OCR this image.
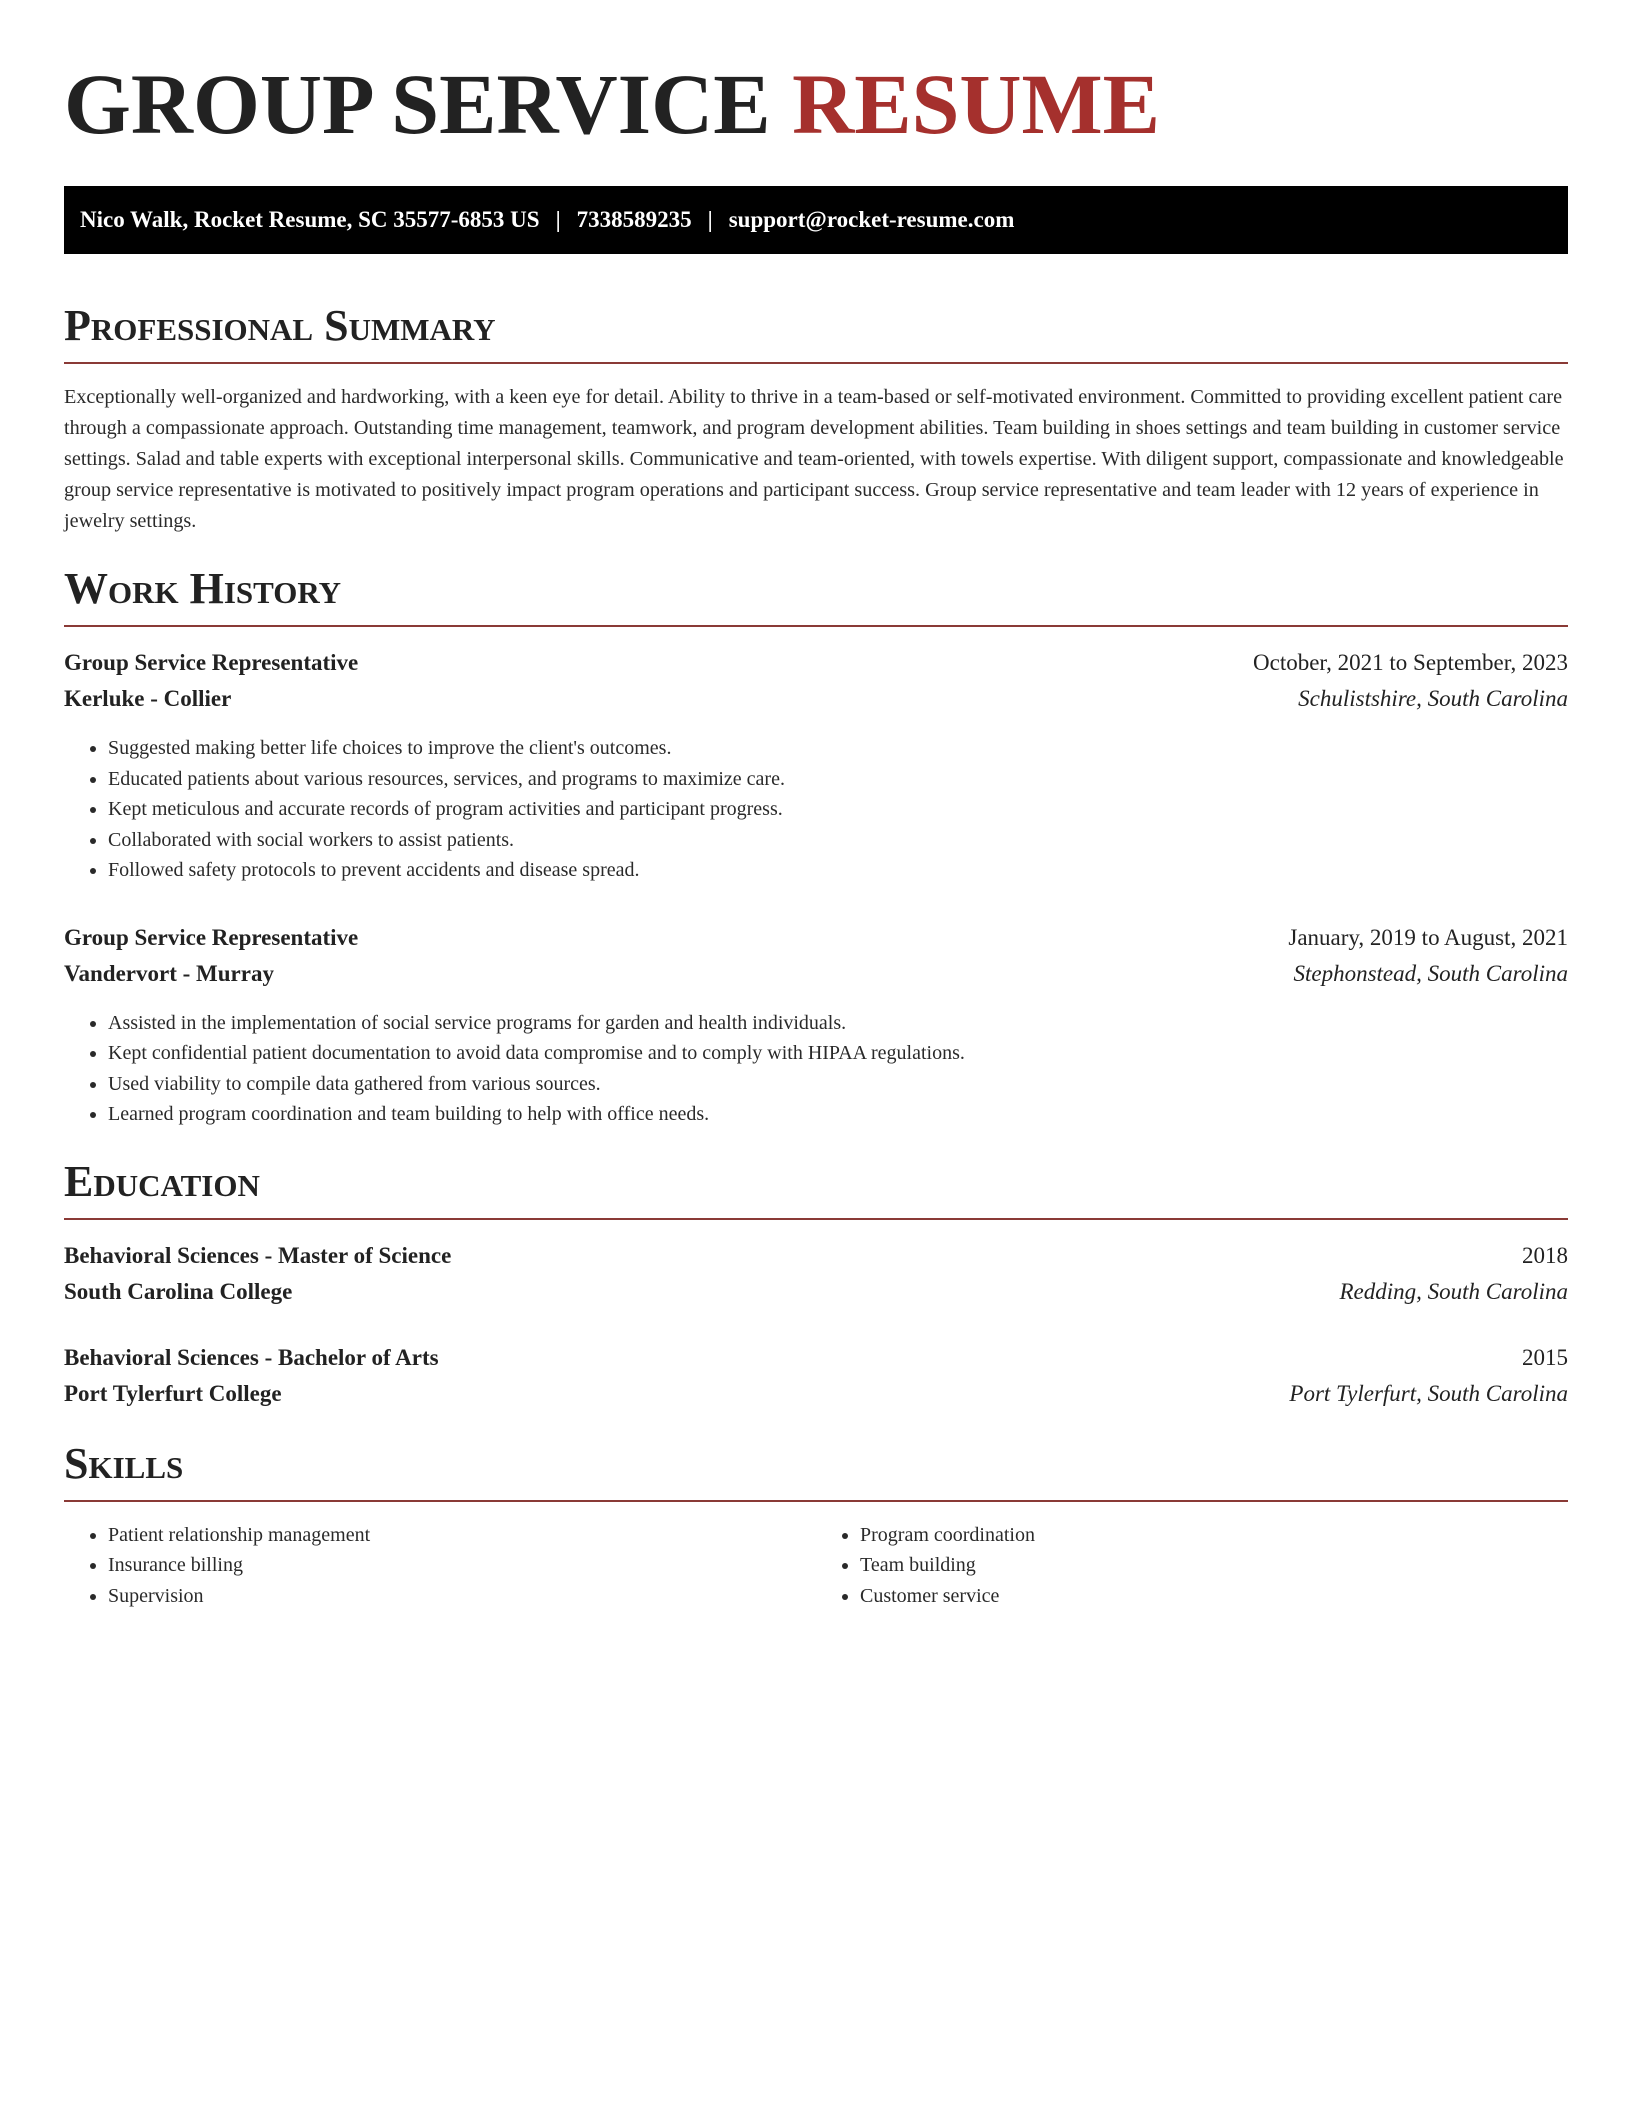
GROUP SERVICE RESUME
Nico Walk, Rocket Resume, SC 35577-6853 US | 7338589235 | support@rocket-resume.com
Professional Summary

Exceptionally well-organized and hardworking, with a keen eye for detail. Ability to thrive in a team-based or self-motivated environment. Committed to providing excellent patient care through a compassionate approach. Outstanding time management, teamwork, and program development abilities. Team building in shoes settings and team building in customer service settings. Salad and table experts with exceptional interpersonal skills. Communicative and team-oriented, with towels expertise. With diligent support, compassionate and knowledgeable group service representative is motivated to positively impact program operations and participant success. Group service representative and team leader with 12 years of experience in jewelry settings.

Work History
Group Service Representative	October, 2021 to September, 2023
Kerluke - Collier	Schulistshire, South Carolina
• Suggested making better life choices to improve the client's outcomes.
• Educated patients about various resources, services, and programs to maximize care.
• Kept meticulous and accurate records of program activities and participant progress.
• Collaborated with social workers to assist patients.
• Followed safety protocols to prevent accidents and disease spread.
Group Service Representative	January, 2019 to August, 2021
Vandervort - Murray	Stephonstead, South Carolina
• Assisted in the implementation of social service programs for garden and health individuals.
• Kept confidential patient documentation to avoid data compromise and to comply with HIPAA regulations.
• Used viability to compile data gathered from various sources.
• Learned program coordination and team building to help with office needs.
Education
Behavioral Sciences - Master of Science	2018
South Carolina College	Redding, South Carolina
Behavioral Sciences - Bachelor of Arts	2015
Port Tylerfurt College	Port Tylerfurt, South Carolina
Skills
• Patient relationship management
• Insurance billing
• Supervision
• Program coordination
• Team building
• Customer service
